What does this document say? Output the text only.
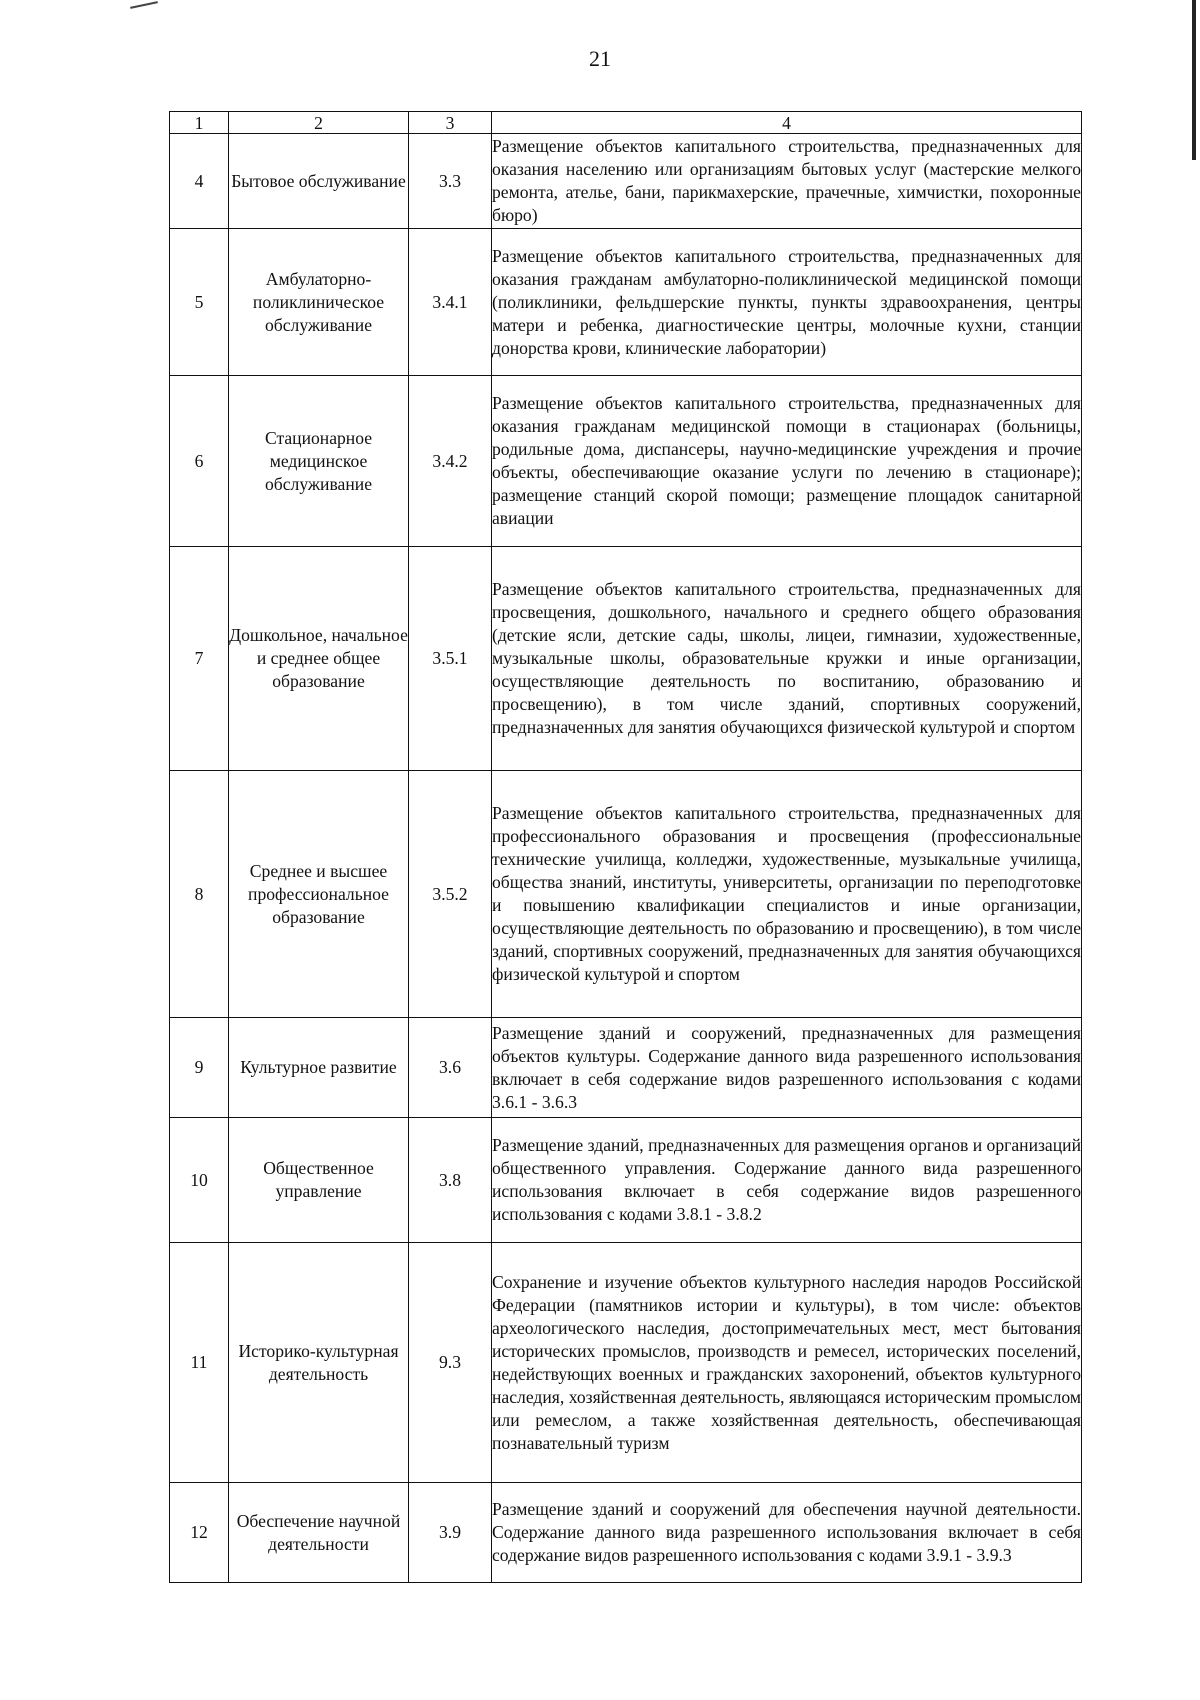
21
1	2	3	4
4	Бытовое обслуживание	3.3	Размещение объектов капитального строительства, предназначенных для оказания населению или организациям бытовых услуг (мастерские мелкого ремонта, ателье, бани, парикмахерские, прачечные, химчистки, похоронные бюро)
5	Амбулаторно-поликлиническое обслуживание	3.4.1	Размещение объектов капитального строительства, предназначенных для оказания гражданам амбулаторно-поликлинической медицинской помощи (поликлиники, фельдшерские пункты, пункты здравоохранения, центры матери и ребенка, диагностические центры, молочные кухни, станции донорства крови, клинические лаборатории)
6	Стационарное медицинское обслуживание	3.4.2	Размещение объектов капитального строительства, предназначенных для оказания гражданам медицинской помощи в стационарах (больницы, родильные дома, диспансеры, научно-медицинские учреждения и прочие объекты, обеспечивающие оказание услуги по лечению в стационаре); размещение станций скорой помощи; размещение площадок санитарной авиации
7	Дошкольное, начальное и среднее общее образование	3.5.1	Размещение объектов капитального строительства, предназначенных для просвещения, дошкольного, начального и среднего общего образования (детские ясли, детские сады, школы, лицеи, гимназии, художественные, музыкальные школы, образовательные кружки и иные организации, осуществляющие деятельность по воспитанию, образованию и просвещению), в том числе зданий, спортивных сооружений, предназначенных для занятия обучающихся физической культурой и спортом
8	Среднее и высшее профессиональное образование	3.5.2	Размещение объектов капитального строительства, предназначенных для профессионального образования и просвещения (профессиональные технические училища, колледжи, художественные, музыкальные училища, общества знаний, институты, университеты, организации по переподготовке и повышению квалификации специалистов и иные организации, осуществляющие деятельность по образованию и просвещению), в том числе зданий, спортивных сооружений, предназначенных для занятия обучающихся физической культурой и спортом
9	Культурное развитие	3.6	Размещение зданий и сооружений, предназначенных для размещения объектов культуры. Содержание данного вида разрешенного использования включает в себя содержание видов разрешенного использования с кодами 3.6.1 - 3.6.3
10	Общественное управление	3.8	Размещение зданий, предназначенных для размещения органов и организаций общественного управления. Содержание данного вида разрешенного использования включает в себя содержание видов разрешенного использования с кодами 3.8.1 - 3.8.2
11	Историко-культурная деятельность	9.3	Сохранение и изучение объектов культурного наследия народов Российской Федерации (памятников истории и культуры), в том числе: объектов археологического наследия, достопримечательных мест, мест бытования исторических промыслов, производств и ремесел, исторических поселений, недействующих военных и гражданских захоронений, объектов культурного наследия, хозяйственная деятельность, являющаяся историческим промыслом или ремеслом, а также хозяйственная деятельность, обеспечивающая познавательный туризм
12	Обеспечение научной деятельности	3.9	Размещение зданий и сооружений для обеспечения научной деятельности. Содержание данного вида разрешенного использования включает в себя содержание видов разрешенного использования с кодами 3.9.1 - 3.9.3
